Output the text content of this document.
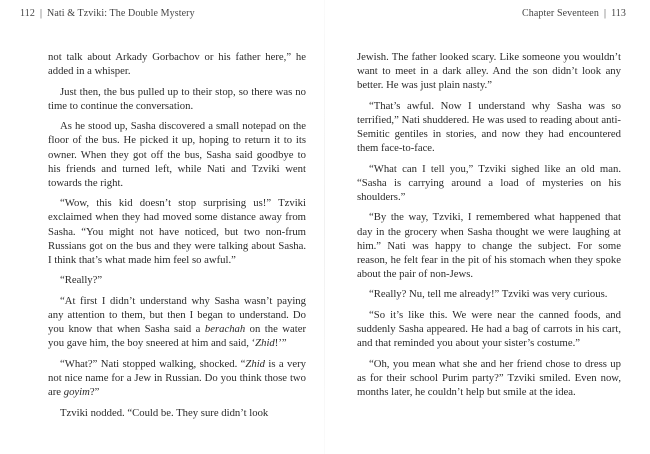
112 | Nati & Tzviki: The Double Mystery

not talk about Arkady Gorbachov or his father here,” he added in a whisper.

Just then, the bus pulled up to their stop, so there was no time to continue the conversation.

As he stood up, Sasha discovered a small notepad on the floor of the bus. He picked it up, hoping to return it to its owner. When they got off the bus, Sasha said goodbye to his friends and turned left, while Nati and Tzviki went towards the right.

“Wow, this kid doesn’t stop surprising us!” Tzviki exclaimed when they had moved some distance away from Sasha. “You might not have noticed, but two non-frum Russians got on the bus and they were talking about Sasha. I think that’s what made him feel so awful.”

“Really?”

“At first I didn’t understand why Sasha wasn’t paying any attention to them, but then I began to understand. Do you know that when Sasha said a berachah on the water you gave him, the boy sneered at him and said, ‘Zhid!’”

“What?” Nati stopped walking, shocked. “Zhid is a very not nice name for a Jew in Russian. Do you think those two are goyim?”

Tzviki nodded. “Could be. They sure didn’t look

Chapter Seventeen | 113

Jewish. The father looked scary. Like someone you wouldn’t want to meet in a dark alley. And the son didn’t look any better. He was just plain nasty.”

“That’s awful. Now I understand why Sasha was so terrified,” Nati shuddered. He was used to reading about anti-Semitic gentiles in stories, and now they had encountered them face-to-face.

“What can I tell you,” Tzviki sighed like an old man. “Sasha is carrying around a load of mysteries on his shoulders.”

“By the way, Tzviki, I remembered what happened that day in the grocery when Sasha thought we were laughing at him.” Nati was happy to change the subject. For some reason, he felt fear in the pit of his stomach when they spoke about the pair of non-Jews.

“Really? Nu, tell me already!” Tzviki was very curious.

“So it’s like this. We were near the canned foods, and suddenly Sasha appeared. He had a bag of carrots in his cart, and that reminded you about your sister’s costume.”

“Oh, you mean what she and her friend chose to dress up as for their school Purim party?” Tzviki smiled. Even now, months later, he couldn’t help but smile at the idea.
